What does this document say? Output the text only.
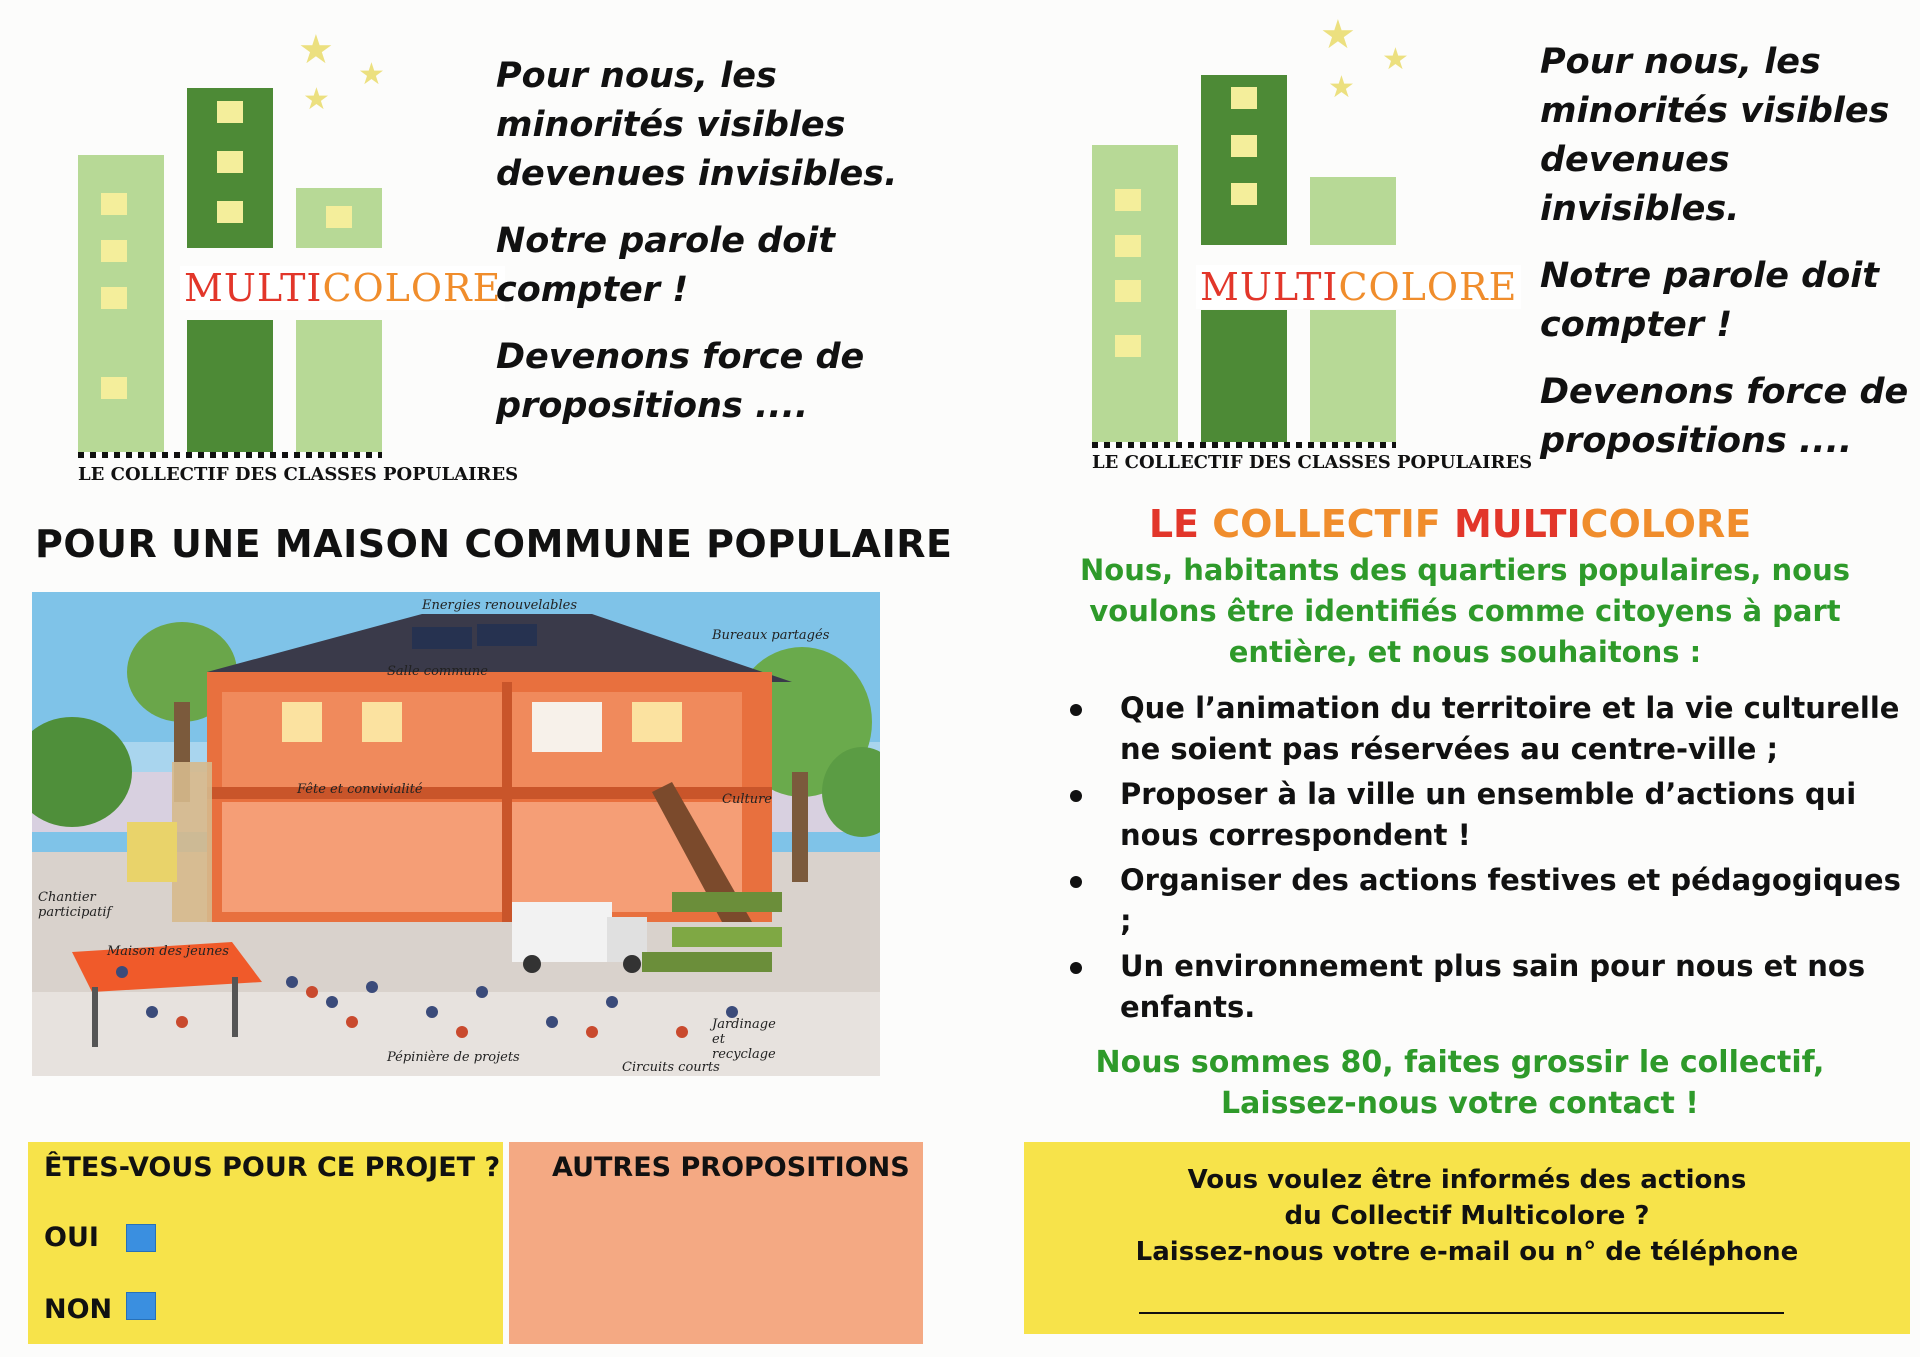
★
★
★
MULTICOLORE
LE COLLECTIF DES CLASSES POPULAIRES

Pour nous, les minorités visibles devenues invisibles.

Notre parole doit compter !

Devenons force de propositions ....

POUR UNE MAISON COMMUNE POPULAIRE
Energies renouvelables
Bureaux partagés
Salle commune
Fête et convivialité
Culture
Chantier participatif
Maison des jeunes
Pépinière de projets
Circuits courts
Jardinage et recyclage
ÊTES-VOUS POUR CE PROJET ?
OUI
NON
AUTRES PROPOSITIONS
★
★
★
MULTICOLORE
LE COLLECTIF DES CLASSES POPULAIRES

Pour nous, les minorités visibles devenues invisibles.

Notre parole doit compter !

Devenons force de propositions ....

LE COLLECTIF MULTICOLORE
Nous, habitants des quartiers populaires, nous voulons être identifiés comme citoyens à part entière, et nous souhaitons :
Que l’animation du territoire et la vie culturelle ne soient pas réservées au centre-ville ;
Proposer à la ville un ensemble d’actions qui nous correspondent !
Organiser des actions festives et pédagogiques ;
Un environnement plus sain pour nous et nos enfants.
Nous sommes 80, faites grossir le collectif,
Laissez-nous votre contact !
Vous voulez être informés des actions
du Collectif Multicolore ?
Laissez-nous votre e-mail ou n° de téléphone
